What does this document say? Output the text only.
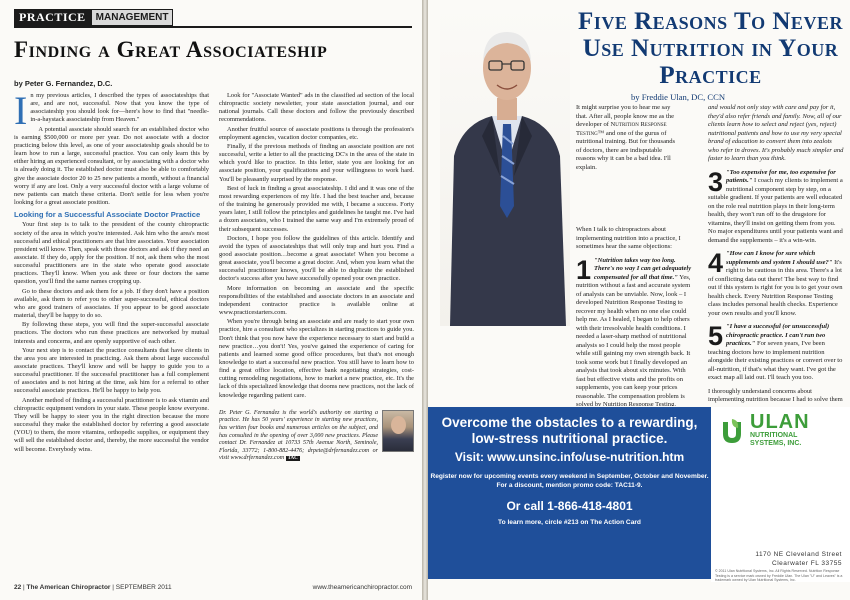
PRACTICE	MANAGEMENT
Finding a Great Associateship
by Peter G. Fernandez, D.C.

In my previous articles, I described the types of associateships that are, and are not, successful. Now that you know the type of associateship you should look for—here's how to find that "needle-in-a-haystack associateship from Heaven."

A potential associate should search for an established doctor who is earning $500,000 or more per year. Do not associate with a doctor practicing below this level, as one of your associateship goals should be to learn how to run a large, successful practice. You can only learn this by either hiring an experienced consultant, or by associating with a doctor who is already doing it. The established doctor must also be able to comfortably give the associate doctor 20 to 25 new patients a month, without a financial worry if any are lost. Only a very successful doctor with a large volume of new patients can match these criteria. Don't settle for less when you're looking for a great associate position.

Looking for a Successful Associate Doctor Practice

Your first step is to talk to the president of the county chiropractic society of the area in which you're interested. Ask him who the area's most successful and ethical practitioners are that hire associates. Your association president will know. Then, speak with those doctors and ask if they need an associate. If they do, apply for the position. If not, ask them who the most successful practitioners are in the state who operate good associate practices. They'll know. When you ask three or four doctors the same question, you'll find the same names cropping up.

Go to these doctors and ask them for a job. If they don't have a position available, ask them to refer you to other super-successful, ethical doctors who are good trainers of associates. If you appear to be good associate material, they'll be happy to do so.

By following these steps, you will find the super-successful associate practices. The doctors who run these practices are networked by mutual interests and concerns, and are openly supportive of each other.

Your next step is to contact the practice consultants that have clients in the area you are interested in practicing. Ask them about large successful associate practices. They'll know and will be happy to guide you to a successful practitioner. If the successful practitioner has a full complement of associates and is not hiring at the time, ask him for a referral to other successful associate practices. He'll be happy to help you.

Another method of finding a successful practitioner is to ask vitamin and chiropractic equipment vendors in your state. These people know everyone. They will be happy to steer you in the right direction because the more successful they make the established doctor by referring a good associate (YOU) to them, the more vitamins, orthopedic supplies, or equipment they will sell the established doctor and, thereby, the more successful the vendor will become. Everybody wins.

Look for "Associate Wanted" ads in the classified ad section of the local chiropractic society newsletter, your state association journal, and our national journals. Call these doctors and follow the previously described recommendations.

Another fruitful source of associate positions is through the profession's employment agencies, vacation doctor companies, etc.

Finally, if the previous methods of finding an associate position are not successful, write a letter to all the practicing DC's in the area of the state in which you'd like to practice. In this letter, state you are looking for an associate position, your qualifications and your willingness to work hard. You'll be pleasantly surprised by the response.

Best of luck in finding a great associateship. I did and it was one of the most rewarding experiences of my life. I had the best teacher and, because of the training he generously provided me with, I became a success. Forty years later, I still follow the principles and guidelines he taught me. I've had a dozen associates, who I trained the same way and I'm extremely proud of their subsequent successes.

Doctors, I hope you follow the guidelines of this article. Identify and avoid the types of associateships that will only trap and hurt you. Find a good associate position…become a great associate! When you become a great associate, you'll become a great doctor. And, when you learn what the successful practitioner knows, you'll be able to duplicate the established doctor's success after you have successfully opened your own practice.

More information on becoming an associate and the specific responsibilities of the established and associate doctors in an associate and independent contractor practice is available online at www.practicestarters.com.

When you're through being an associate and are ready to start your own practice, hire a consultant who specializes in starting practices to guide you. Don't think that you now have the experience necessary to start and build a new practice…you don't! Yes, you've gained the experience of caring for patients and learned some good office procedures, but that's not enough knowledge to start a successful new practice. You still have to learn how to find a great office location, effective bank negotiating strategies, cost-cutting remodeling negotiations, how to market a new practice, etc. It's the lack of this specialized knowledge that dooms new practices, not the lack of knowledge regarding patient care.

Dr. Peter G. Fernandez is the world's authority on starting a practice. He has 50 years' experience in starting new practices, has written four books and numerous articles on the subject, and has consulted in the opening of over 3,000 new practices. Please contact Dr. Fernandez at 10733 57th Avenue North, Seminole, Florida, 33772; 1-800-882-4476; drpete@drfernandez.com or visit www.drfernandez.com TAC
22 | The American Chiropractor | SEPTEMBER 2011	www.theamericanchiropractor.com
Five Reasons To Never Use Nutrition in Your Practice
by Freddie Ulan, DC, CCN

It might surprise you to hear me say that. After all, people know me as the developer of Nutrition Response Testing™ and one of the gurus of nutritional training. But for thousands of doctors, there are indisputable reasons why it can be a bad idea. I'll explain.

When I talk to chiropractors about implementing nutrition into a practice, I sometimes hear the same objections:

1 "Nutrition takes way too long. There's no way I can get adequately compensated for all that time." Yes, nutrition without a fast and accurate system of analysis can be unviable. Now, look – I developed Nutrition Response Testing to recover my health when no one else could help me. As I healed, I began to help others with their irresolvable health conditions. I needed a laser-sharp method of nutritional analysis so I could help the most people while still gaining my own strength back. It took some work but I finally developed an analysis that took about six minutes. With fast but effective visits and the profits on supplements, you can keep your prices reasonable. The compensation problem is solved by Nutrition Response Testing.

and would not only stay with care and pay for it, they'd also refer friends and family. Now, all of our clients learn how to select and reject (yes, reject) nutritional patients and how to use my very special brand of education to convert them into zealots who refer in droves. It's probably much simpler and faster to learn than you think.

3 "Too expensive for me, too expensive for patients." I coach my clients to implement a nutritional component step by step, on a suitable gradient. If your patients are well educated on the role real nutrition plays in their long-term health, they won't run off to the drugstore for vitamins, they'll insist on getting them from you. No major expenditures until your patients want and demand the supplements – it's a win-win.

4 "How can I know for sure which supplements and system I should use?" It's right to be cautious in this area. There's a lot of conflicting data out there! The best way to find out if this system is right for you is to get your own health check. Every Nutrition Response Testing class includes personal health checks. Experience your own results and you'll know.

5 "I have a successful (or unsuccessful) chiropractic practice. I can't run two practices." For seven years, I've been teaching doctors how to implement nutrition alongside their existing practices or convert over to all-nutrition, if that's what they want. I've got the exact map all laid out. I'll teach you too.

I thoroughly understand concerns about implementing nutrition because I had to solve them

Overcome the obstacles to a rewarding, low-stress nutritional practice.
Visit: www.unsinc.info/use-nutrition.htm
Register now for upcoming events every weekend in September, October and November. For a discount, mention promo code: TAC11-9.
Or call 1-866-418-4801
To learn more, circle #213 on The Action Card
ULAN
NUTRITIONAL
SYSTEMS, INC.
1170 NE Cleveland Street
Clearwater FL 33755
© 2011 Ulan Nutritional Systems, Inc. All Rights Reserved. Nutrition Response Testing is a service mark owned by Freddie Ulan. The Ulan "U" and Leaves" is a trademark owned by Ulan Nutritional Systems, Inc.
